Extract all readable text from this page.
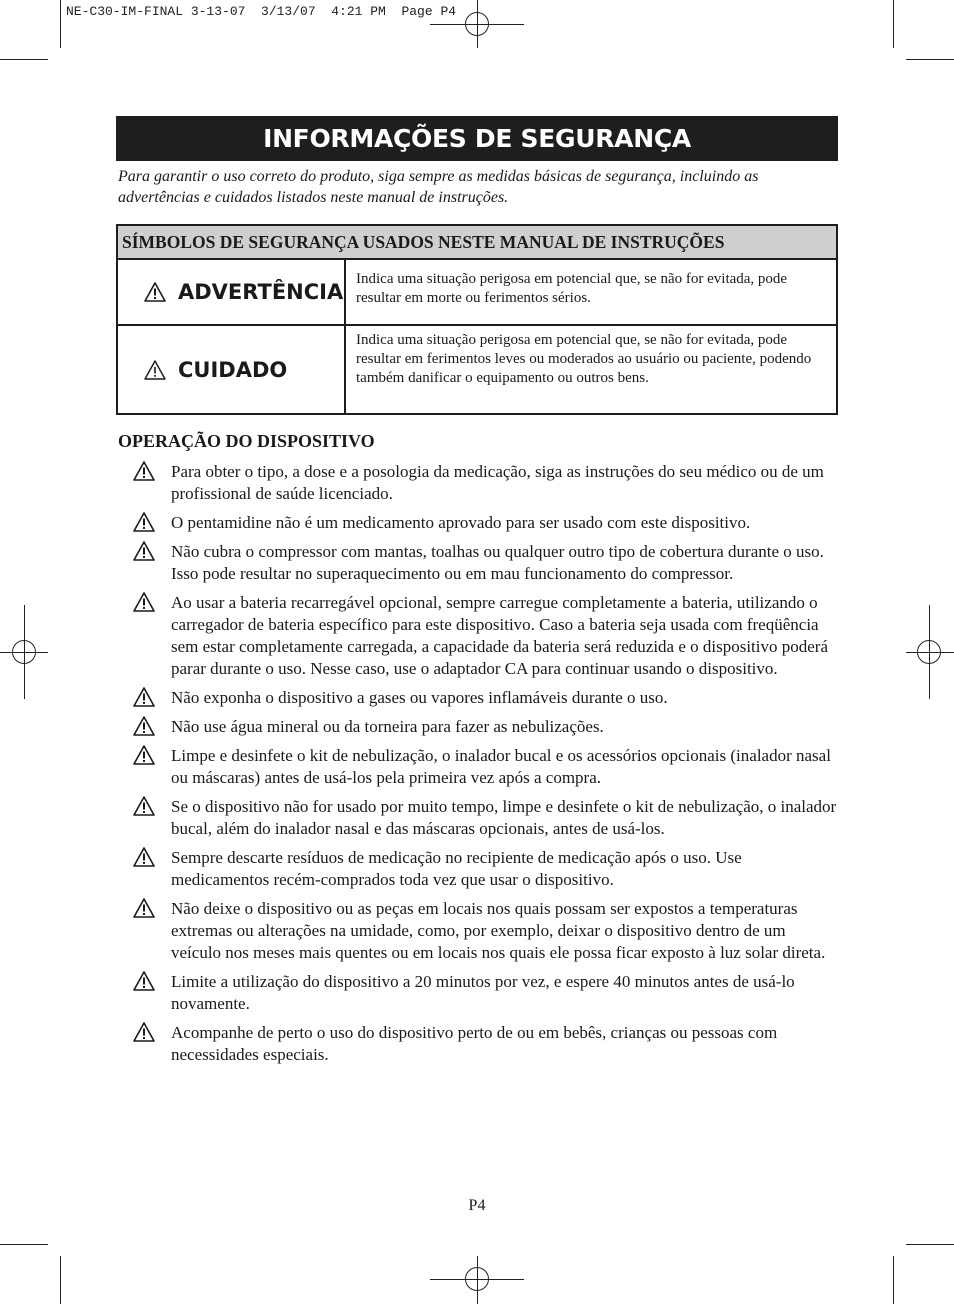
NE-C30-IM-FINAL 3-13-07  3/13/07  4:21 PM  Page P4
INFORMAÇÕES DE SEGURANÇA
Para garantir o uso correto do produto, siga sempre as medidas básicas de segurança, incluindo as advertências e cuidados listados neste manual de instruções.
SÍMBOLOS DE SEGURANÇA USADOS NESTE MANUAL DE INSTRUÇÕES
ADVERTÊNCIA
Indica uma situação perigosa em potencial que, se não for evitada, pode resultar em morte ou ferimentos sérios.
CUIDADO
Indica uma situação perigosa em potencial que, se não for evitada, pode resultar em ferimentos leves ou moderados ao usuário ou paciente, podendo também danificar o equipamento ou outros bens.
OPERAÇÃO DO DISPOSITIVO
Para obter o tipo, a dose e a posologia da medicação, siga as instruções do seu médico ou de um profissional de saúde licenciado.
O pentamidine não é um medicamento aprovado para ser usado com este dispositivo.
Não cubra o compressor com mantas, toalhas ou qualquer outro tipo de cobertura durante o uso. Isso pode resultar no superaquecimento ou em mau funcionamento do compressor.
Ao usar a bateria recarregável opcional, sempre carregue completamente a bateria, utilizando o carregador de bateria específico para este dispositivo. Caso a bateria seja usada com freqüência sem estar completamente carregada, a capacidade da bateria será reduzida e o dispositivo poderá parar durante o uso. Nesse caso, use o adaptador CA para continuar usando o dispositivo.
Não exponha o dispositivo a gases ou vapores inflamáveis durante o uso.
Não use água mineral ou da torneira para fazer as nebulizações.
Limpe e desinfete o kit de nebulização, o inalador bucal e os acessórios opcionais (inalador nasal ou máscaras) antes de usá-los pela primeira vez após a compra.
Se o dispositivo não for usado por muito tempo, limpe e desinfete o kit de nebulização, o inalador bucal, além do inalador nasal e das máscaras opcionais, antes de usá-los.
Sempre descarte resíduos de medicação no recipiente de medicação após o uso. Use medicamentos recém-comprados toda vez que usar o dispositivo.
Não deixe o dispositivo ou as peças em locais nos quais possam ser expostos a temperaturas extremas ou alterações na umidade, como, por exemplo, deixar o dispositivo dentro de um veículo nos meses mais quentes ou em locais nos quais ele possa ficar exposto à luz solar direta.
Limite a utilização do dispositivo a 20 minutos por vez, e espere 40 minutos antes de usá-lo novamente.
Acompanhe de perto o uso do dispositivo perto de ou em bebês, crianças ou pessoas com necessidades especiais.
P4
